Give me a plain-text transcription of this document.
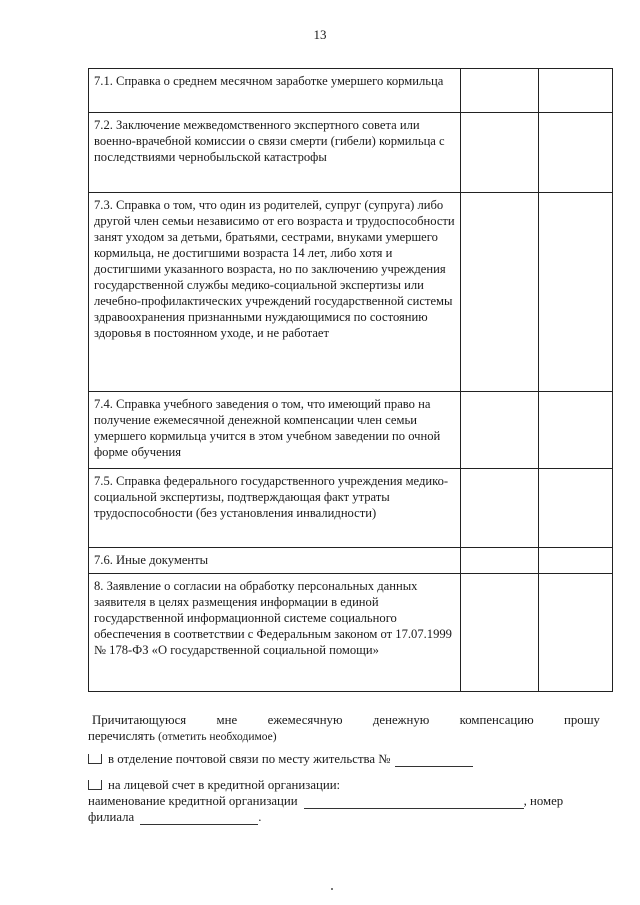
13
7.1. Справка о среднем месячном заработке умершего кормильца		
7.2. Заключение межведомственного экспертного совета или военно-врачебной комиссии о связи смерти (гибели) кормильца с последствиями чернобыльской катастрофы		
7.3. Справка о том, что один из родителей, супруг (супруга) либо другой член семьи независимо от его возраста и трудоспособности занят уходом за детьми, братьями, сестрами, внуками умершего кормильца, не достигшими возраста 14 лет, либо хотя и достигшими указанного возраста, но по заключению учреждения государственной службы медико-социальной экспертизы или лечебно-профилактических учреждений государственной системы здравоохранения признанными нуждающимися по состоянию здоровья в постоянном уходе, и не работает		
7.4. Справка учебного заведения о том, что имеющий право на получение ежемесячной денежной компенсации член семьи умершего кормильца учится в этом учебном заведении по очной форме обучения		
7.5. Справка федерального государственного учреждения медико-социальной экспертизы, подтверждающая факт утраты трудоспособности (без установления инвалидности)		
7.6. Иные документы		
8. Заявление о согласии на обработку персональных данных заявителя в целях размещения информации в единой государственной информационной системе социального обеспечения в соответствии с Федеральным законом от 17.07.1999 № 178-ФЗ «О государственной социальной помощи»		
Причитающуюся мне ежемесячную денежную компенсацию прошу
перечислять (отметить необходимое)
в отделение почтовой связи по месту жительства №
на лицевой счет в кредитной организации:
наименование кредитной организации	, номер
филиала	.
